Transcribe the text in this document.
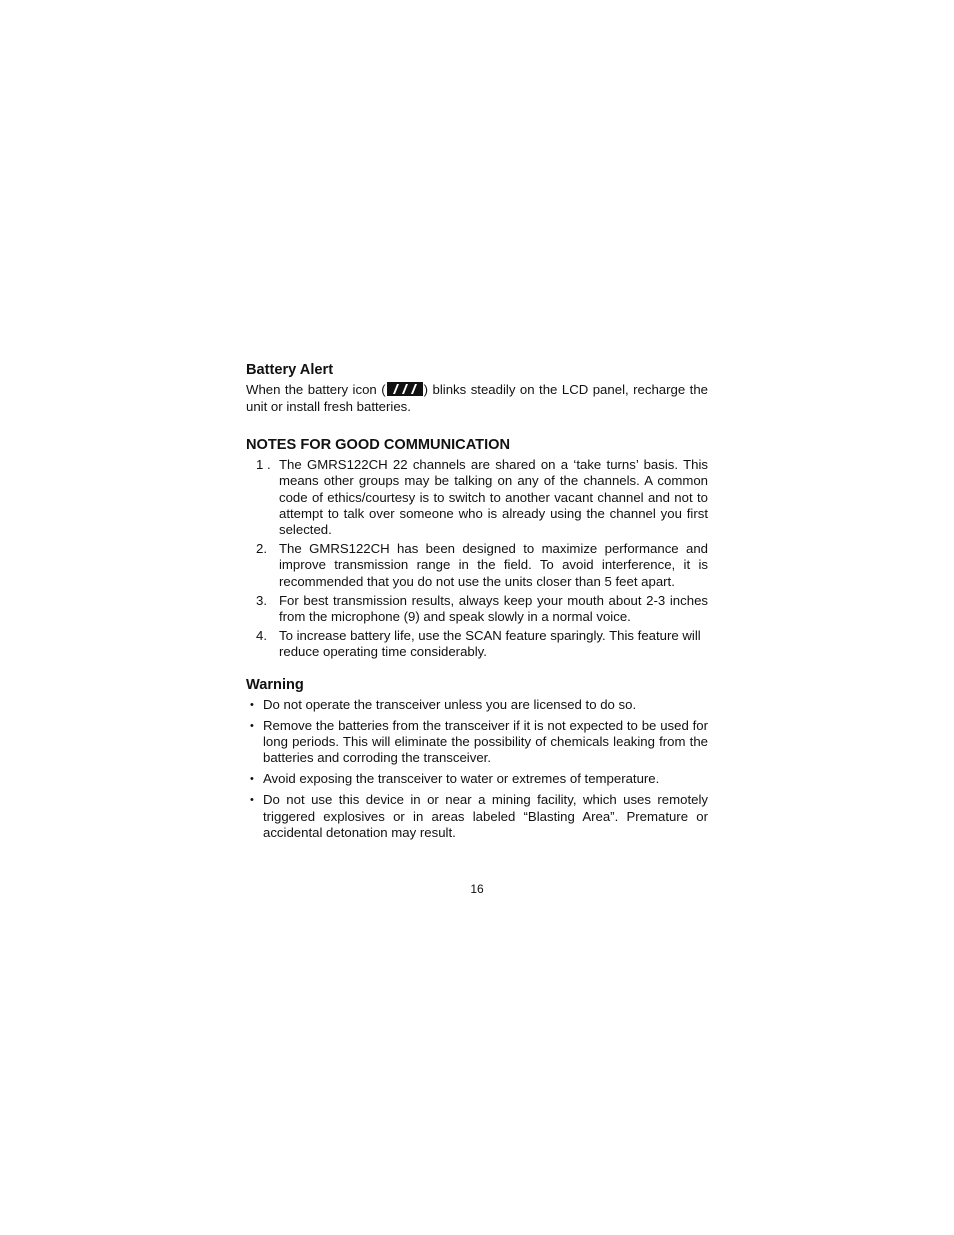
Battery Alert

When the battery icon (	) blinks steadily on the LCD panel, recharge the unit or install fresh batteries.

NOTES FOR GOOD COMMUNICATION
1 . The GMRS122CH 22 channels are shared on a ‘take turns’ basis. This means other groups may be talking on any of the channels. A common code of ethics/courtesy is to switch to another vacant channel and not to attempt to talk over someone who is already using the channel you first selected.
2. The GMRS122CH has been designed to maximize performance and improve transmission range in the field. To avoid interference, it is recommended that you do not use the units closer than 5 feet apart.
3. For best transmission results, always keep your mouth about 2-3 inches from the microphone (9) and speak slowly in a normal voice.
4. To increase battery life, use the SCAN feature sparingly. This feature will reduce operating time considerably.
Warning
• Do not operate the transceiver unless you are licensed to do so.
• Remove the batteries from the transceiver if it is not expected to be used for long periods. This will eliminate the possibility of chemicals leaking from the batteries and corroding the transceiver.
• Avoid exposing the transceiver to water or extremes of temperature.
• Do not use this device in or near a mining facility, which uses remotely triggered explosives or in areas labeled “Blasting Area”. Premature or accidental detonation may result.
16
